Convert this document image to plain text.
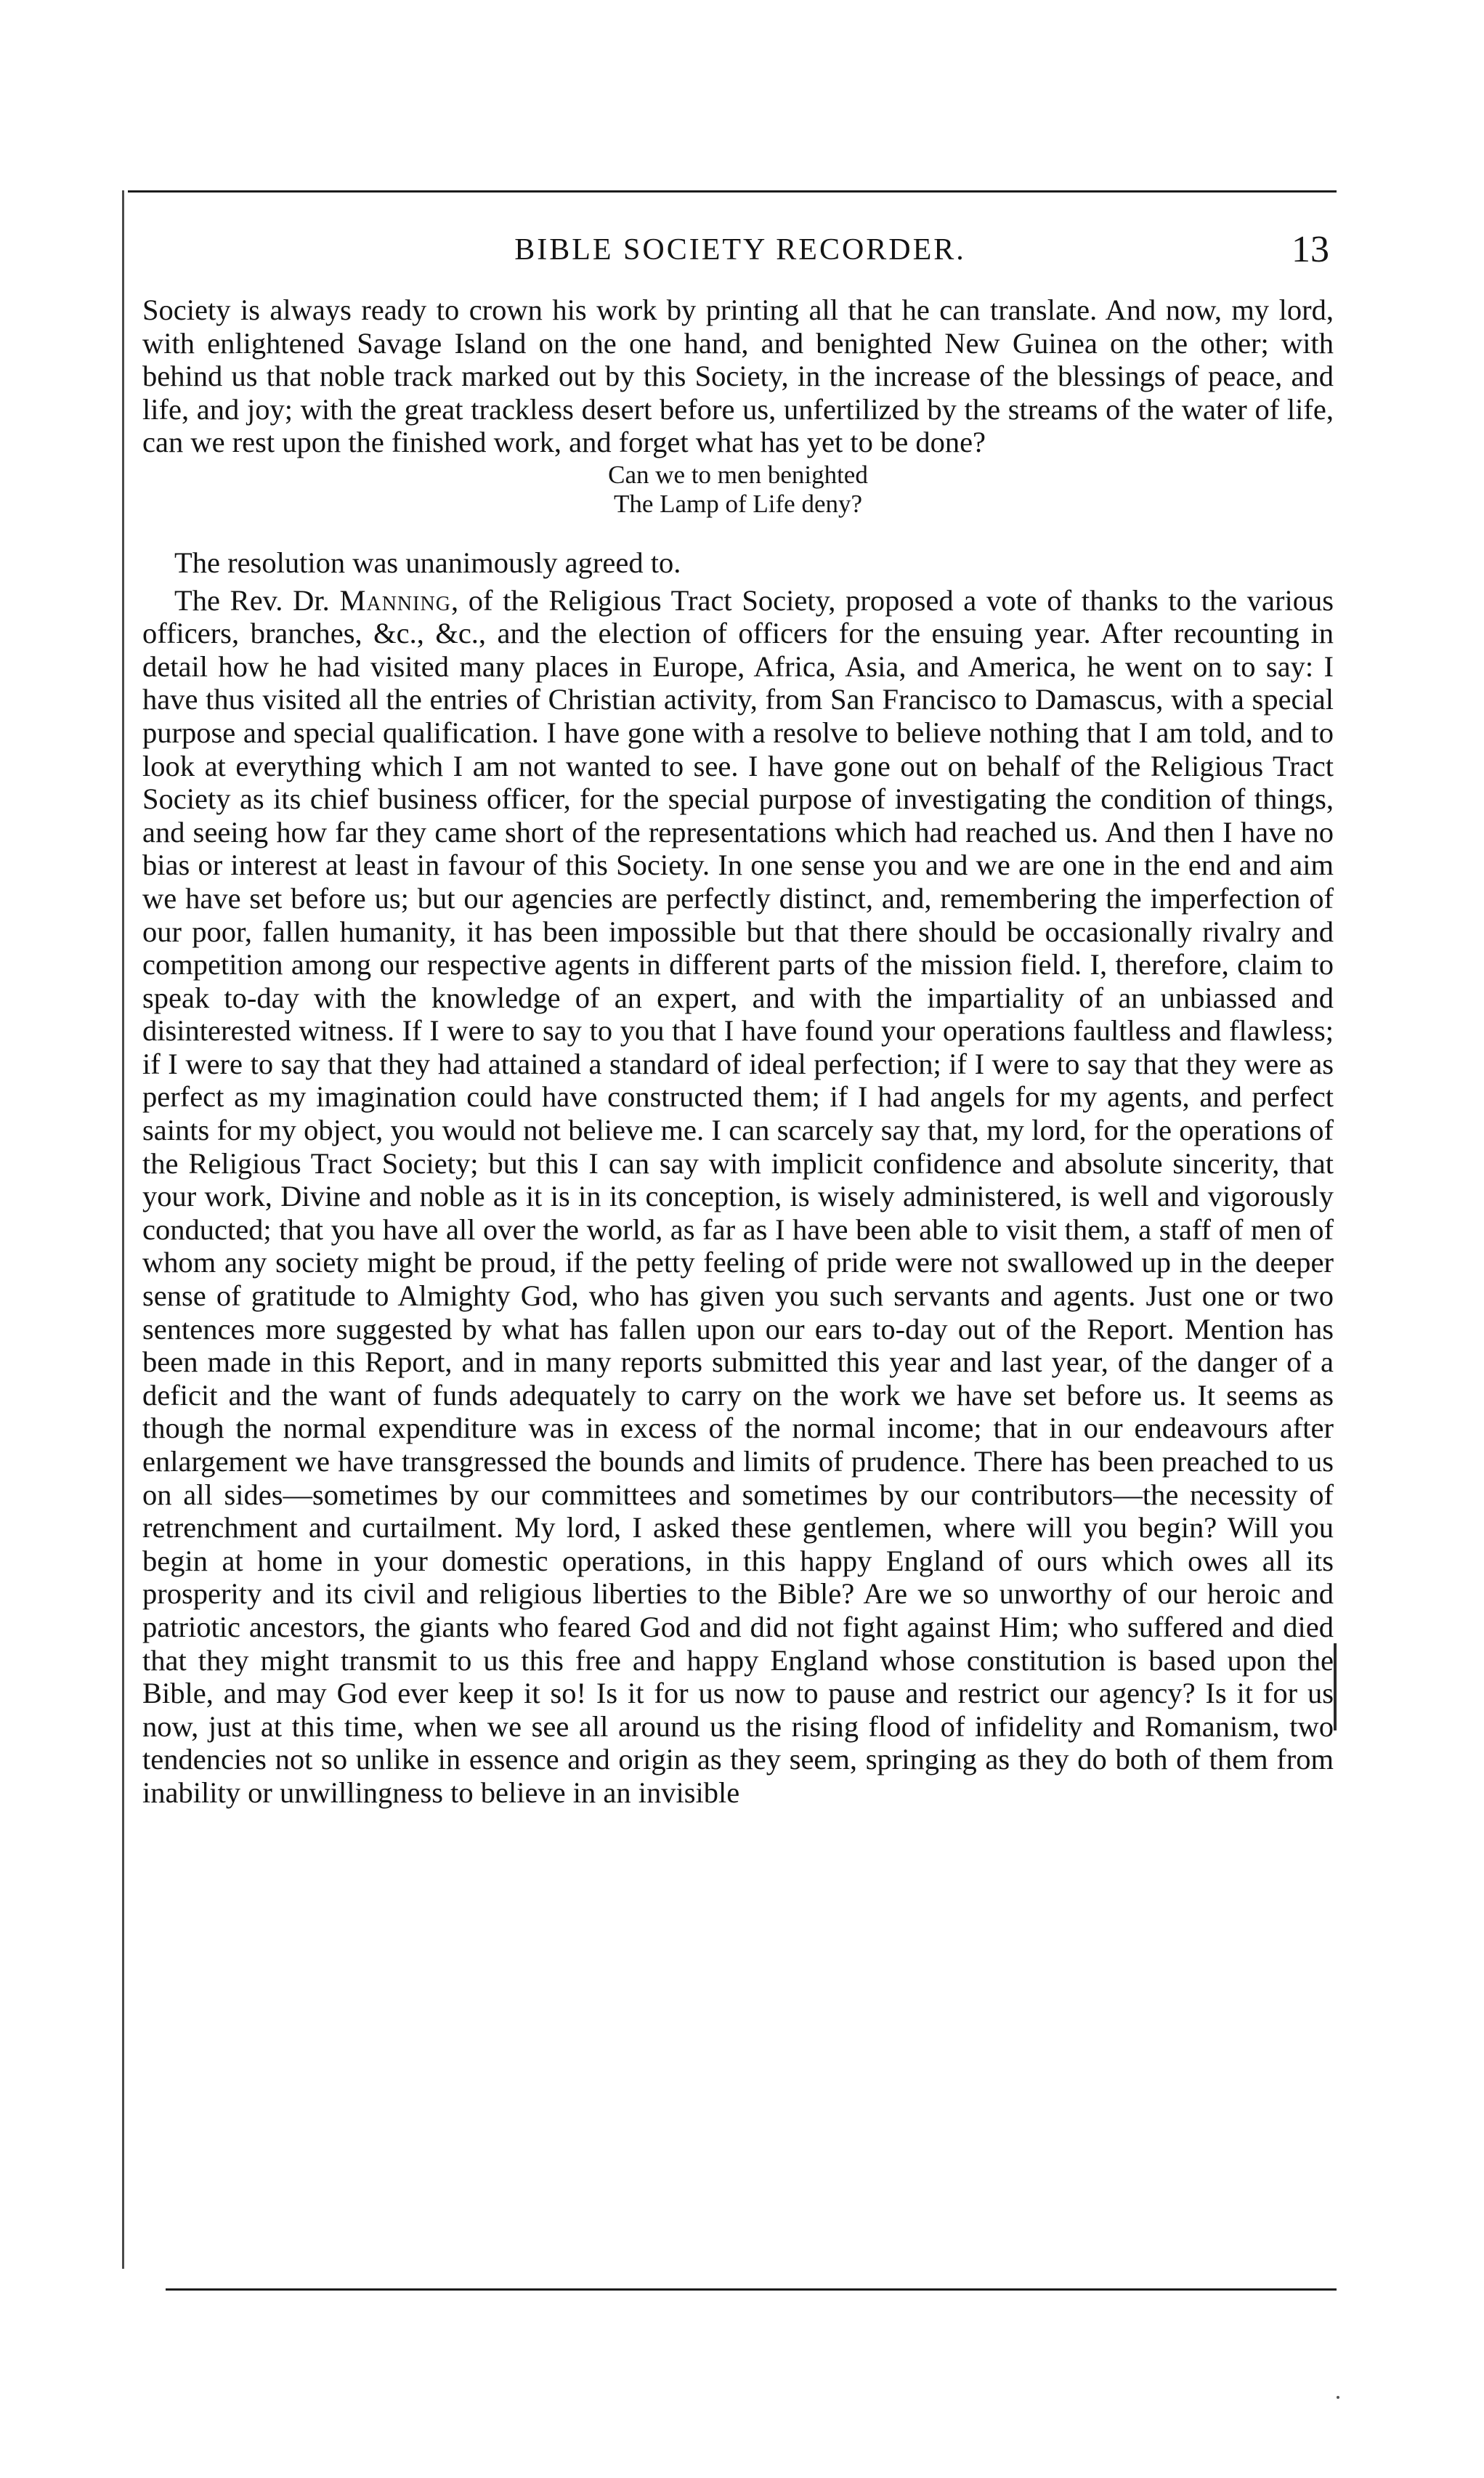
BIBLE SOCIETY RECORDER.	13

Society is always ready to crown his work by printing all that he can translate. And now, my lord, with enlightened Savage Island on the one hand, and benighted New Guinea on the other; with behind us that noble track marked out by this Society, in the increase of the blessings of peace, and life, and joy; with the great trackless desert before us, unfertilized by the streams of the water of life, can we rest upon the finished work, and forget what has yet to be done?

Can we to men benighted
The Lamp of Life deny?

The resolution was unanimously agreed to.

The Rev. Dr. Manning, of the Religious Tract Society, proposed a vote of thanks to the various officers, branches, &c., &c., and the election of officers for the ensuing year. After recounting in detail how he had visited many places in Europe, Africa, Asia, and America, he went on to say: I have thus visited all the entries of Christian activity, from San Francisco to Damascus, with a special purpose and special qualification. I have gone with a resolve to believe nothing that I am told, and to look at everything which I am not wanted to see. I have gone out on behalf of the Religious Tract Society as its chief business officer, for the special purpose of investigating the condition of things, and seeing how far they came short of the representations which had reached us. And then I have no bias or interest at least in favour of this Society. In one sense you and we are one in the end and aim we have set before us; but our agencies are perfectly distinct, and, remembering the imperfection of our poor, fallen humanity, it has been impossible but that there should be occasionally rivalry and competition among our respective agents in different parts of the mission field. I, therefore, claim to speak to-day with the knowledge of an expert, and with the impartiality of an unbiassed and disinterested witness. If I were to say to you that I have found your operations faultless and flawless; if I were to say that they had attained a standard of ideal perfection; if I were to say that they were as perfect as my imagination could have constructed them; if I had angels for my agents, and perfect saints for my object, you would not believe me. I can scarcely say that, my lord, for the operations of the Religious Tract Society; but this I can say with implicit confidence and absolute sincerity, that your work, Divine and noble as it is in its conception, is wisely administered, is well and vigorously conducted; that you have all over the world, as far as I have been able to visit them, a staff of men of whom any society might be proud, if the petty feeling of pride were not swallowed up in the deeper sense of gratitude to Almighty God, who has given you such servants and agents. Just one or two sentences more suggested by what has fallen upon our ears to-day out of the Report. Mention has been made in this Report, and in many reports submitted this year and last year, of the danger of a deficit and the want of funds adequately to carry on the work we have set before us. It seems as though the normal expenditure was in excess of the normal income; that in our endeavours after enlargement we have transgressed the bounds and limits of prudence. There has been preached to us on all sides—sometimes by our committees and sometimes by our contributors—the necessity of retrenchment and curtailment. My lord, I asked these gentlemen, where will you begin? Will you begin at home in your domestic operations, in this happy England of ours which owes all its prosperity and its civil and religious liberties to the Bible? Are we so unworthy of our heroic and patriotic ancestors, the giants who feared God and did not fight against Him; who suffered and died that they might transmit to us this free and happy England whose constitution is based upon the Bible, and may God ever keep it so! Is it for us now to pause and restrict our agency? Is it for us now, just at this time, when we see all around us the rising flood of infidelity and Romanism, two tendencies not so unlike in essence and origin as they seem, springing as they do both of them from inability or unwillingness to believe in an invisible
